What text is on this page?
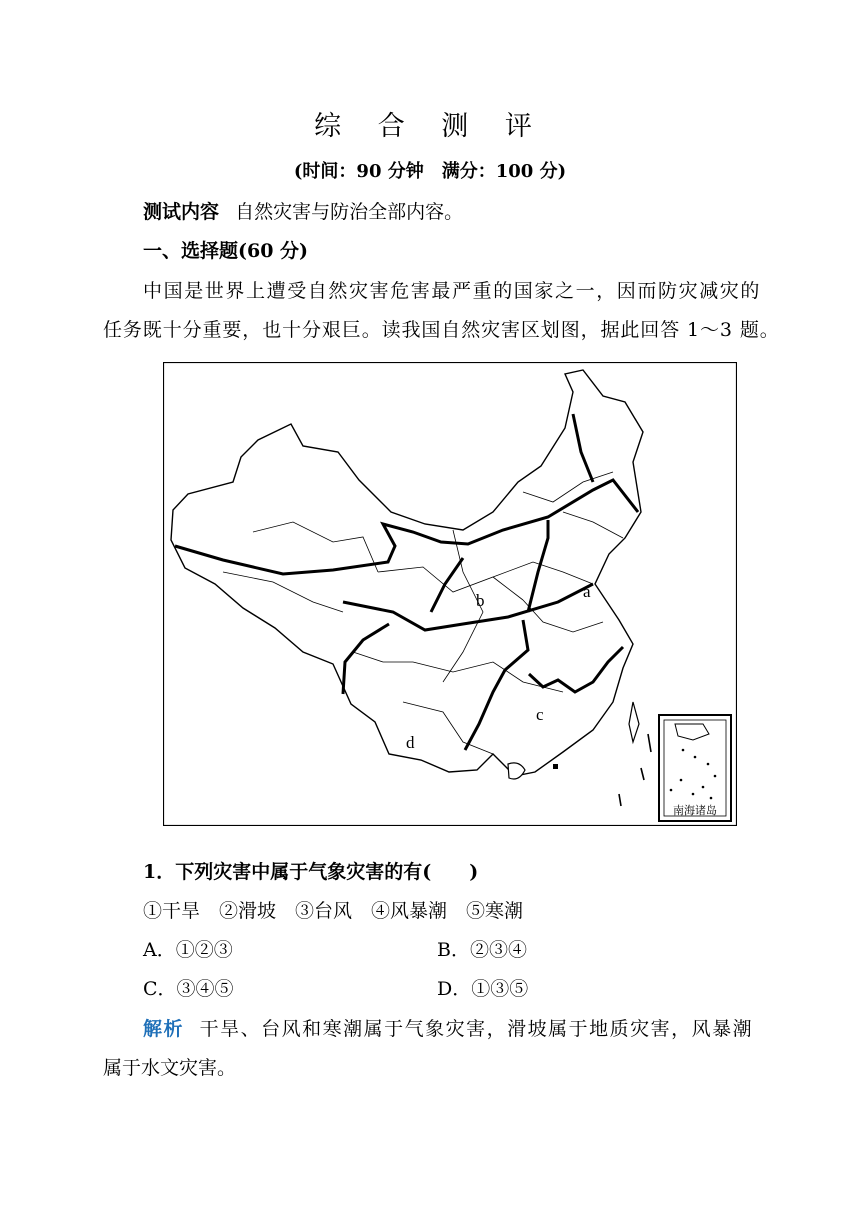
综 合 测 评
(时间：90 分钟　满分：100 分)
测试内容 自然灾害与防治全部内容。
一、选择题(60 分)
中国是世界上遭受自然灾害危害最严重的国家之一，因而防灾减灾的
任务既十分重要，也十分艰巨。读我国自然灾害区划图，据此回答 1～3 题。
a
b
c
d
南海诸岛
1．下列灾害中属于气象灾害的有(　　)
①干旱　②滑坡　③台风　④风暴潮　⑤寒潮
A．①②③	B．②③④
C．③④⑤	D．①③⑤
解析 干旱、台风和寒潮属于气象灾害，滑坡属于地质灾害，风暴潮
属于水文灾害。
